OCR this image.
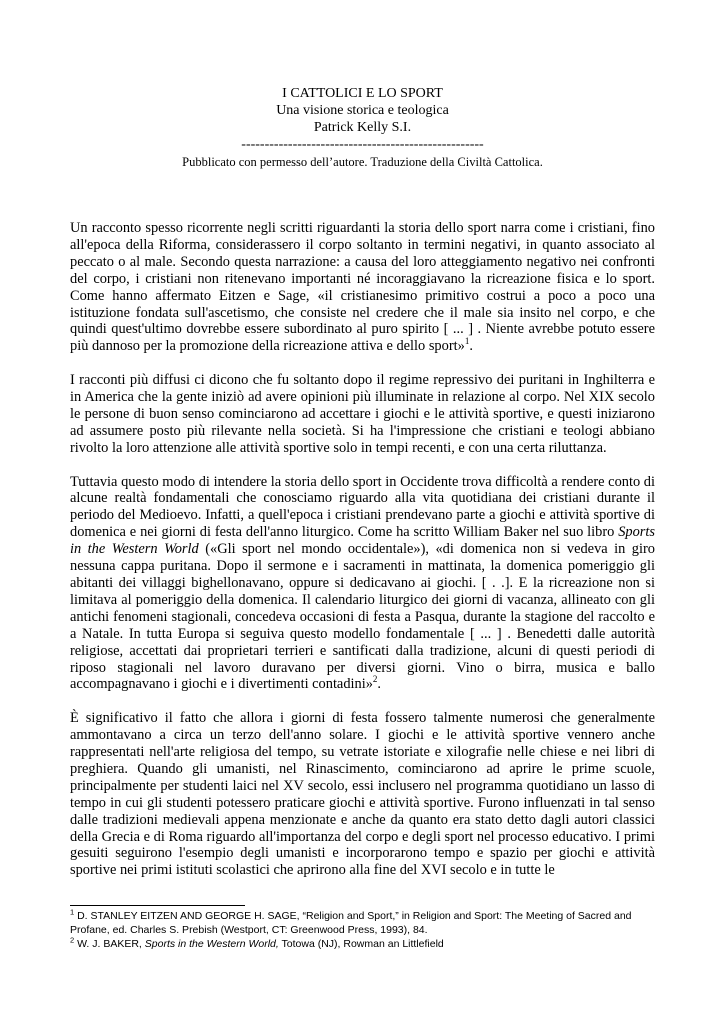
I CATTOLICI E LO SPORT
Una visione storica e teologica
Patrick Kelly S.I.
----------------------------------------------------
Pubblicato con permesso dell’autore. Traduzione della Civiltà Cattolica.

Un racconto spesso ricorrente negli scritti riguardanti la storia dello sport narra come i cristiani, fino all'epoca della Riforma, considerassero il corpo soltanto in termini negativi, in quanto associato al peccato o al male. Secondo questa narrazione: a causa del loro atteggiamento negativo nei confronti del corpo, i cristiani non ritenevano importanti né incoraggiavano la ricreazione fisica e lo sport. Come hanno affermato Eitzen e Sage, «il cristianesimo primitivo costrui a poco a poco una istituzione fondata sull'ascetismo, che consiste nel credere che il male sia insito nel corpo, e che quindi quest'ultimo dovrebbe essere subordinato al puro spirito [ ... ] . Niente avrebbe potuto essere più dannoso per la promozione della ricreazione attiva e dello sport»$^1$.

I racconti più diffusi ci dicono che fu soltanto dopo il regime repressivo dei puritani in Inghilterra e in America che la gente iniziò ad avere opinioni più illuminate in relazione al corpo. Nel XIX secolo le persone di buon senso cominciarono ad accettare i giochi e le attività sportive, e questi iniziarono ad assumere posto più rilevante nella società. Si ha l'impressione che cristiani e teologi abbiano rivolto la loro attenzione alle attività sportive solo in tempi recenti, e con una certa riluttanza.

Tuttavia questo modo di intendere la storia dello sport in Occidente trova difficoltà a rendere conto di alcune realtà fondamentali che conosciamo riguardo alla vita quotidiana dei cristiani durante il periodo del Medioevo. Infatti, a quell'epoca i cristiani prendevano parte a giochi e attività sportive di domenica e nei giorni di festa dell'anno liturgico. Come ha scritto William Baker nel suo libro Sports in the Western World («Gli sport nel mondo occidentale»), «di domenica non si vedeva in giro nessuna cappa puritana. Dopo il sermone e i sacramenti in mattinata, la domenica pomeriggio gli abitanti dei villaggi bighellonavano, oppure si dedicavano ai giochi. [ . .]. E la ricreazione non si limitava al pomeriggio della domenica. Il calendario liturgico dei giorni di vacanza, allineato con gli antichi fenomeni stagionali, concedeva occasioni di festa a Pasqua, durante la stagione del raccolto e a Natale. In tutta Europa si seguiva questo modello fondamentale [ ... ] . Benedetti dalle autorità religiose, accettati dai proprietari terrieri e santificati dalla tradizione, alcuni di questi periodi di riposo stagionali nel lavoro duravano per diversi giorni. Vino o birra, musica e ballo accompagnavano i giochi e i divertimenti contadini»$^2$.

È significativo il fatto che allora i giorni di festa fossero talmente numerosi che generalmente ammontavano a circa un terzo dell'anno solare. I giochi e le attività sportive vennero anche rappresentati nell'arte religiosa del tempo, su vetrate istoriate e xilografie nelle chiese e nei libri di preghiera. Quando gli umanisti, nel Rinascimento, cominciarono ad aprire le prime scuole, principalmente per studenti laici nel XV secolo, essi inclusero nel programma quotidiano un lasso di tempo in cui gli studenti potessero praticare giochi e attività sportive. Furono influenzati in tal senso dalle tradizioni medievali appena menzionate e anche da quanto era stato detto dagli autori classici della Grecia e di Roma riguardo all'importanza del corpo e degli sport nel processo educativo. I primi gesuiti seguirono l'esempio degli umanisti e incorporarono tempo e spazio per giochi e attività sportive nei primi istituti scolastici che aprirono alla fine del XVI secolo e in tutte le

$^1$ D. STANLEY EITZEN AND GEORGE H. SAGE, “Religion and Sport,” in Religion and Sport: The Meeting of Sacred and Profane, ed. Charles S. Prebish (Westport, CT: Greenwood Press, 1993), 84.
$^2$ W. J. BAKER, Sports in the Western World, Totowa (NJ), Rowman an Littlefield
